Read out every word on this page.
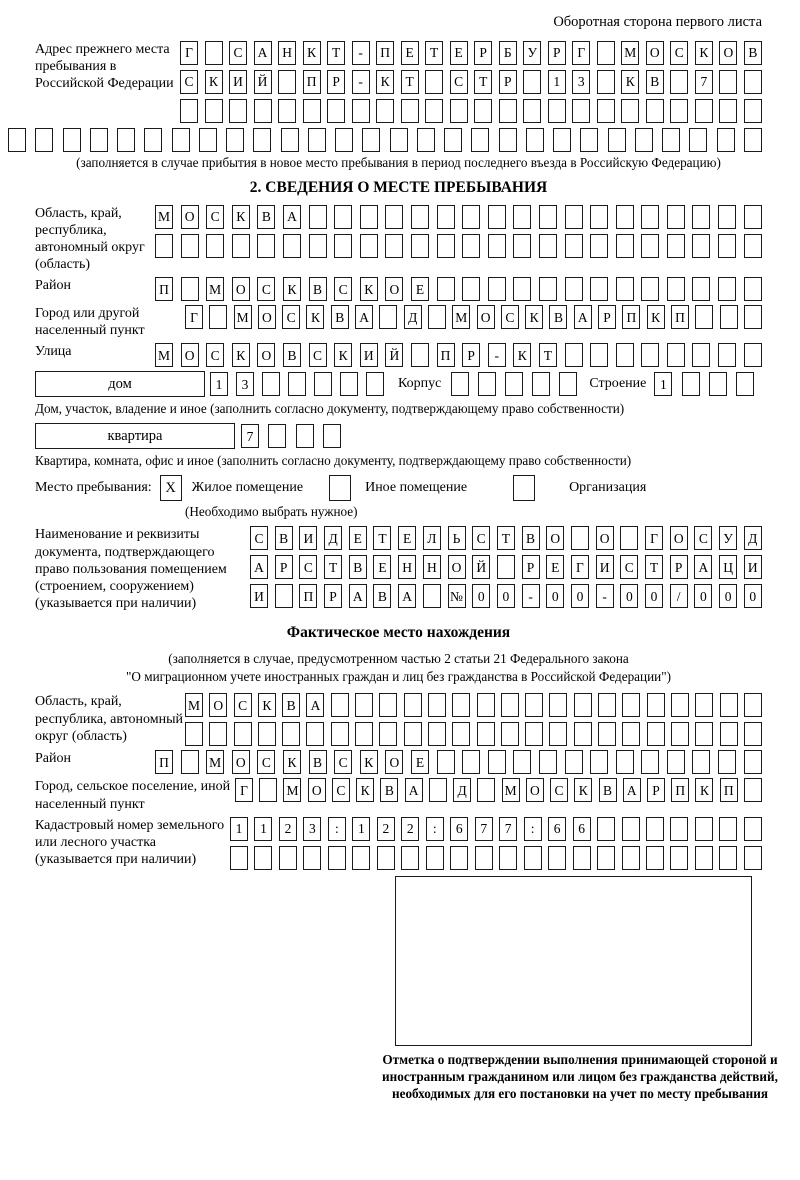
Оборотная сторона первого листа
Адрес прежнего места пребывания в Российской Федерации
Г	С	А	Н	К	Т	-	П	Е	Т	Е	Р	Б	У	Р	Г	М	О	С	К	О	В
С	К	И	Й	П	Р	-	К	Т	С	Т	Р	1	3	К	В	7
(заполняется в случае прибытия в новое место пребывания в период последнего въезда в Российскую Федерацию)
2. СВЕДЕНИЯ О МЕСТЕ ПРЕБЫВАНИЯ
Область, край, республика, автономный округ (область)
М	О	С	К	В	А
Район	П	М	О	С	К	В	С	К	О	Е
Город или другой населенный пункт
Г	М О	С	К	В	А	Д	М О	С	К	В	А	Р	П	К	П
Улица	М	О	С	К	О	В	С	К	И	Й	П	Р	-	К	Т
дом	1	3	Корпус	Строение	1
Дом, участок, владение и иное (заполнить согласно документу, подтверждающему право собственности)
квартира	7
Квартира, комната, офис и иное (заполнить согласно документу, подтверждающему право собственности)
Место пребывания: X	Жилое помещение	Иное помещение	Организация
(Необходимо выбрать нужное)
Наименование и реквизиты документа, подтверждающего право пользования помещением (строением, сооружением) (указывается при наличии)
С	В	И	Д	Е	Т	Е	Л	Ь	С	Т	В	О	О	Г	О	С	У	Д
А	Р	С	Т	В	Е	Н	Н	О	Й	Р	Е	Г	И	С	Т	Р	А	Ц	И
И	П	Р	А	В	А	№	0	0	-	0	0	-	0	0	/	0	0	0
Фактическое место нахождения
(заполняется в случае, предусмотренном частью 2 статьи 21 Федерального закона
"О миграционном учете иностранных граждан и лиц без гражданства в Российской Федерации")
Область, край, республика, автономный округ (область)
М О	С	К	В	А
Район	П	М	О	С	К	В	С	К	О	Е
Город, сельское поселение, иной населенный пункт
Г	М О	С	К	В	А	Д	М О	С	К	В	А	Р	П	К	П
Кадастровый номер земельного или лесного участка (указывается при наличии)
1	1	2	3	:	1	2	2	:	6	7	7	:	6	6
Отметка о подтверждении выполнения принимающей стороной и иностранным гражданином или лицом без гражданства действий, необходимых для его постановки на учет по месту пребывания
